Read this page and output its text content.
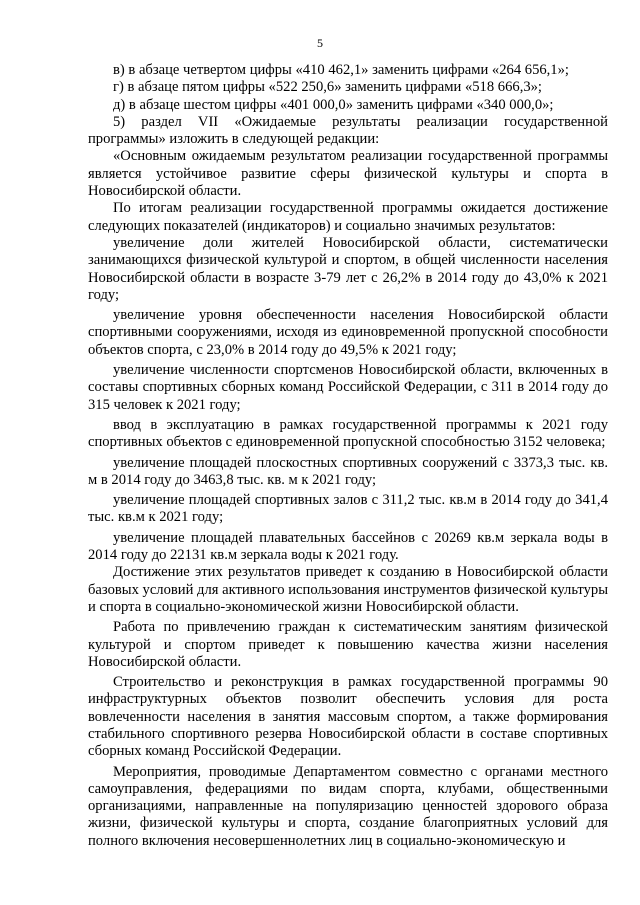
5

в) в абзаце четвертом цифры «410 462,1» заменить цифрами «264 656,1»;

г) в абзаце пятом цифры «522 250,6» заменить цифрами «518 666,3»;

д) в абзаце шестом цифры «401 000,0» заменить цифрами «340 000,0»;

5) раздел VII «Ожидаемые результаты реализации государственной программы» изложить в следующей редакции:

«Основным ожидаемым результатом реализации государственной программы является устойчивое развитие сферы физической культуры и спорта в Новосибирской области.

По итогам реализации государственной программы ожидается достижение следующих показателей (индикаторов) и социально значимых результатов:

увеличение доли жителей Новосибирской области, систематически занимающихся физической культурой и спортом, в общей численности населения Новосибирской области в возрасте 3-79 лет с 26,2% в 2014 году до 43,0% к 2021 году;

увеличение уровня обеспеченности населения Новосибирской области спортивными сооружениями, исходя из единовременной пропускной способности объектов спорта, с 23,0% в 2014 году до 49,5% к 2021 году;

увеличение численности спортсменов Новосибирской области, включенных в составы спортивных сборных команд Российской Федерации, с 311 в 2014 году до 315 человек к 2021 году;

ввод в эксплуатацию в рамках государственной программы к 2021 году спортивных объектов с единовременной пропускной способностью 3152 человека;

увеличение площадей плоскостных спортивных сооружений с 3373,3 тыс. кв. м в 2014 году до 3463,8 тыс. кв. м к 2021 году;

увеличение площадей спортивных залов с 311,2 тыс. кв.м в 2014 году до 341,4 тыс. кв.м к 2021 году;

увеличение площадей плавательных бассейнов с 20269 кв.м зеркала воды в 2014 году до 22131 кв.м зеркала воды к 2021 году.

Достижение этих результатов приведет к созданию в Новосибирской области базовых условий для активного использования инструментов физической культуры и спорта в социально-экономической жизни Новосибирской области.

Работа по привлечению граждан к систематическим занятиям физической культурой и спортом приведет к повышению качества жизни населения Новосибирской области.

Строительство и реконструкция в рамках государственной программы 90 инфраструктурных объектов позволит обеспечить условия для роста вовлеченности населения в занятия массовым спортом, а также формирования стабильного спортивного резерва Новосибирской области в составе спортивных сборных команд Российской Федерации.

Мероприятия, проводимые Департаментом совместно с органами местного самоуправления, федерациями по видам спорта, клубами, общественными организациями, направленные на популяризацию ценностей здорового образа жизни, физической культуры и спорта, создание благоприятных условий для полного включения несовершеннолетних лиц в социально-экономическую и
